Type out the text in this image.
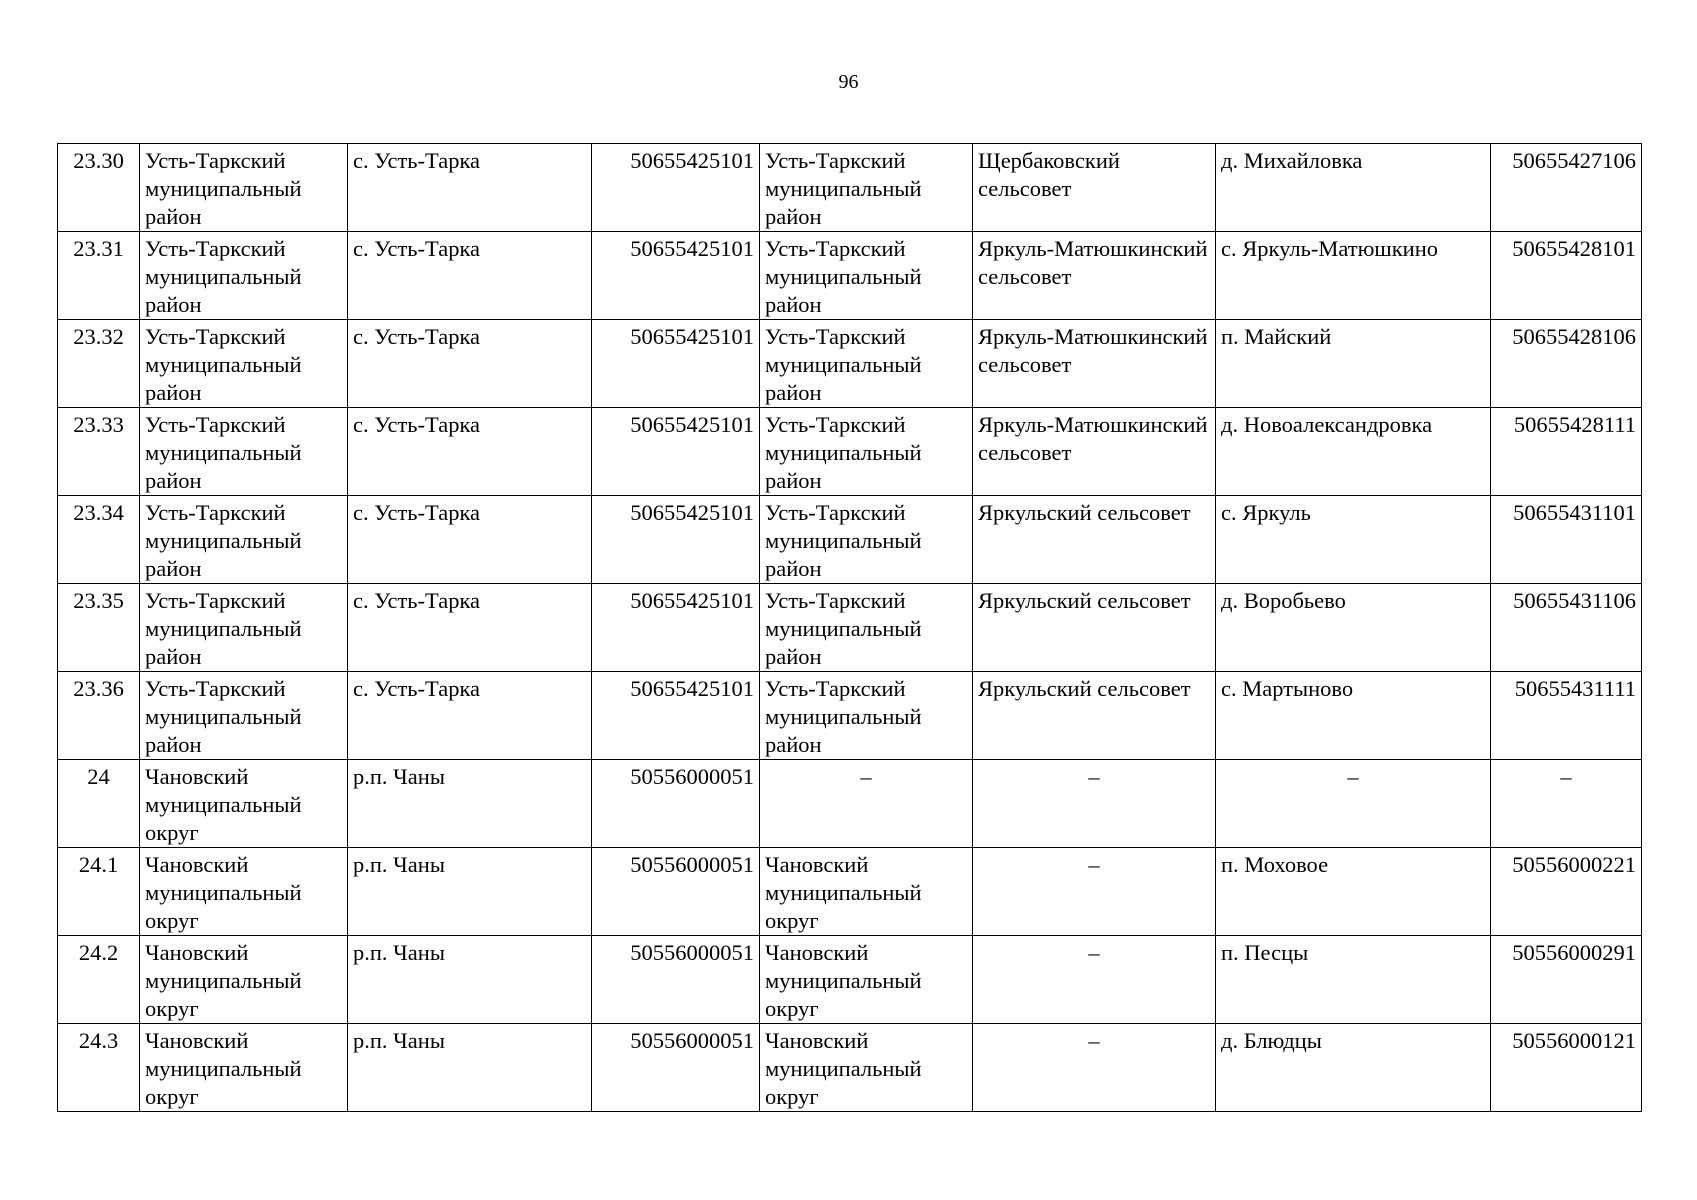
96
23.30	Усть-Таркский муниципальный район	с. Усть-Тарка	50655425101	Усть-Таркский муниципальный район	Щербаковский сельсовет	д. Михайловка	50655427106
23.31	Усть-Таркский муниципальный район	с. Усть-Тарка	50655425101	Усть-Таркский муниципальный район	Яркуль-Матюшкинский сельсовет	с. Яркуль-Матюшкино	50655428101
23.32	Усть-Таркский муниципальный район	с. Усть-Тарка	50655425101	Усть-Таркский муниципальный район	Яркуль-Матюшкинский сельсовет	п. Майский	50655428106
23.33	Усть-Таркский муниципальный район	с. Усть-Тарка	50655425101	Усть-Таркский муниципальный район	Яркуль-Матюшкинский сельсовет	д. Новоалександровка	50655428111
23.34	Усть-Таркский муниципальный район	с. Усть-Тарка	50655425101	Усть-Таркский муниципальный район	Яркульский сельсовет	с. Яркуль	50655431101
23.35	Усть-Таркский муниципальный район	с. Усть-Тарка	50655425101	Усть-Таркский муниципальный район	Яркульский сельсовет	д. Воробьево	50655431106
23.36	Усть-Таркский муниципальный район	с. Усть-Тарка	50655425101	Усть-Таркский муниципальный район	Яркульский сельсовет	с. Мартыново	50655431111
24	Чановский муниципальный округ	р.п. Чаны	50556000051	–	–	–	–
24.1	Чановский муниципальный округ	р.п. Чаны	50556000051	Чановский муниципальный округ	–	п. Моховое	50556000221
24.2	Чановский муниципальный округ	р.п. Чаны	50556000051	Чановский муниципальный округ	–	п. Песцы	50556000291
24.3	Чановский муниципальный округ	р.п. Чаны	50556000051	Чановский муниципальный округ	–	д. Блюдцы	50556000121
